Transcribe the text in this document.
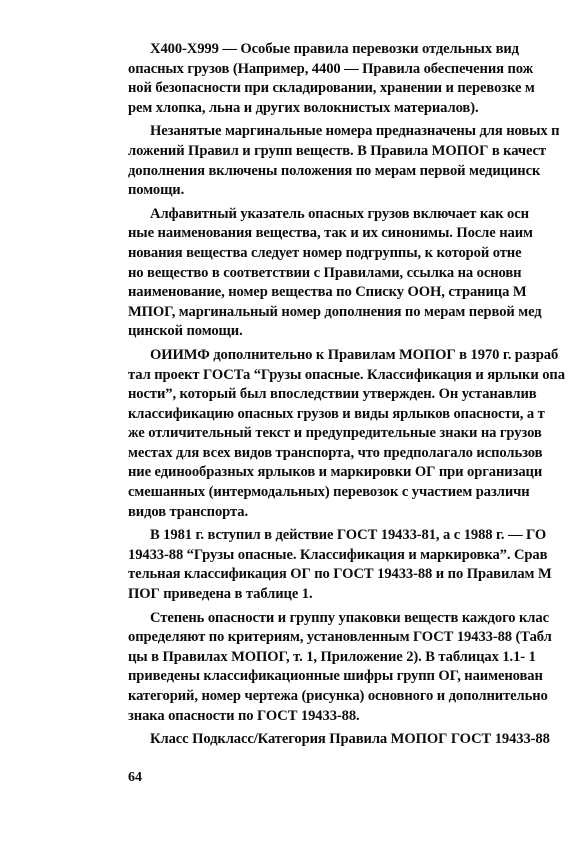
X400-X999 — Особые правила перевозки отдельных вид
опасных грузов (Например, 4400 — Правила обеспечения пож
ной безопасности при складировании, хранении и перевозке м
рем хлопка, льна и других волокнистых материалов).
Незанятые маргинальные номера предназначены для новых п
ложений Правил и групп веществ. В Правила МОПОГ в качест
дополнения включены положения по мерам первой медицинск
помощи.
Алфавитный указатель опасных грузов включает как осн
ные наименования вещества, так и их синонимы. После наим
нования вещества следует номер подгруппы, к которой отне
но вещество в соответствии с Правилами, ссылка на основн
наименование, номер вещества по Списку ООН, страница М
МПОГ, маргинальный номер дополнения по мерам первой мед
цинской помощи.
ОИИМФ дополнительно к Правилам МОПОГ в 1970 г. разраб
тал проект ГОСТа “Грузы опасные. Классификация и ярлыки опа
ности”, который был впоследствии утвержден. Он устанавлив
классификацию опасных грузов и виды ярлыков опасности, а т
же отличительный текст и предупредительные знаки на грузов
местах для всех видов транспорта, что предполагало использов
ние единообразных ярлыков и маркировки ОГ при организаци
смешанных (интермодальных) перевозок с участием различн
видов транспорта.
В 1981 г. вступил в действие ГОСТ 19433-81, а с 1988 г. — ГО
19433-88 “Грузы опасные. Классификация и маркировка”. Срав
тельная классификация ОГ по ГОСТ 19433-88 и по Правилам М
ПОГ приведена в таблице 1.
Степень опасности и группу упаковки веществ каждого клас
определяют по критериям, установленным ГОСТ 19433-88 (Табл
цы в Правилах МОПОГ, т. 1, Приложение 2). В таблицах 1.1- 1
приведены классификационные шифры групп ОГ, наименован
категорий, номер чертежа (рисунка) основного и дополнительно
знака опасности по ГОСТ 19433-88.
Класс Подкласс/Категория Правила МОПОГ ГОСТ 19433-88
64
